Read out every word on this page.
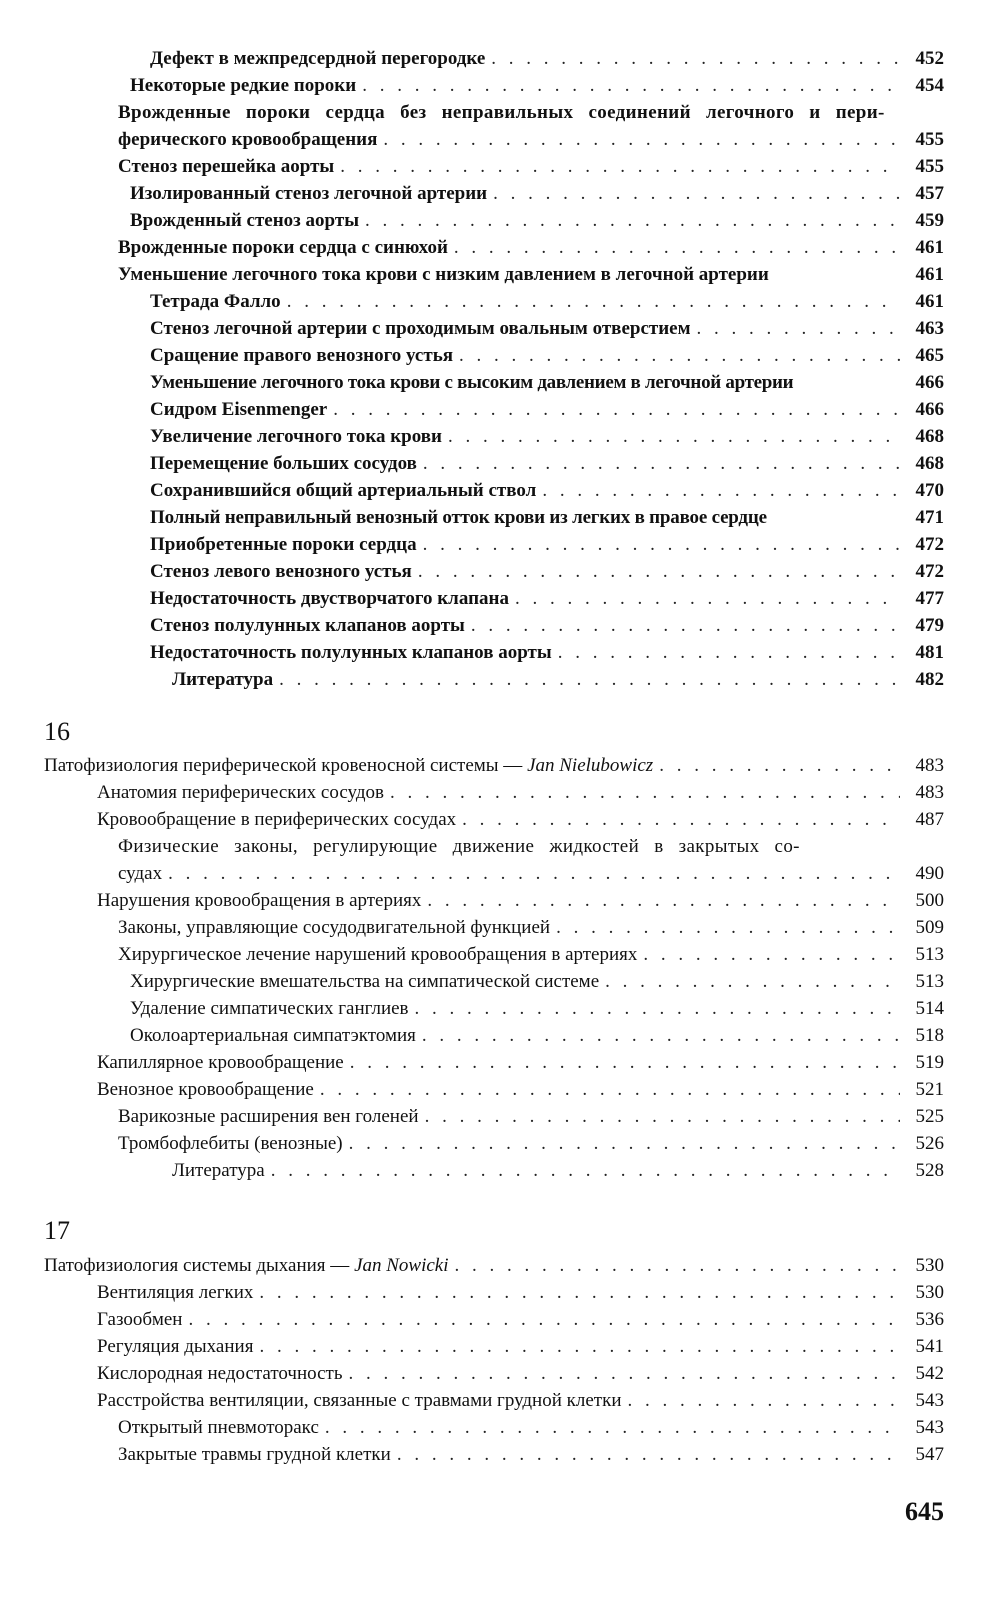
Дефект в межпредсердной перегородке . . .	452
Некоторые редкие пороки . . .	454
Врожденные пороки сердца без неправильных соединений легочного и пери-
ферического кровообращения . . .	455
Стеноз перешейка аорты . . .	455
Изолированный стеноз легочной артерии . . .	457
Врожденный стеноз аорты . . .	459
Врожденные пороки сердца с синюхой . . .	461
Уменьшение легочного тока крови с низким давлением в легочной артерии	461
Тетрада Фалло . . .	461
Стеноз легочной артерии с проходимым овальным отверстием . . .	463
Сращение правого венозного устья . . .	465
Уменьшение легочного тока крови с высоким давлением в легочной артерии	466
Сидром Eisenmenger . . .	466
Увеличение легочного тока крови . . .	468
Перемещение больших сосудов . . .	468
Сохранившийся общий артериальный ствол . . .	470
Полный неправильный венозный отток крови из легких в правое сердце	471
Приобретенные пороки сердца . . .	472
Стеноз левого венозного устья . . .	472
Недостаточность двустворчатого клапана . . .	477
Стеноз полулунных клапанов аорты . . .	479
Недостаточность полулунных клапанов аорты . . .	481
Литература . . .	482
16
Патофизиология периферической кровеносной системы — Jan Nielubowicz . . .	483
Анатомия периферических сосудов . . .	483
Кровообращение в периферических сосудах . . .	487
Физические законы, регулирующие движение жидкостей в закрытых со-
судах . . .	490
Нарушения кровообращения в артериях . . .	500
Законы, управляющие сосудодвигательной функцией . . .	509
Хирургическое лечение нарушений кровообращения в артериях . . .	513
Хирургические вмешательства на симпатической системе . . .	513
Удаление симпатических ганглиев . . .	514
Околоартериальная симпатэктомия . . .	518
Капиллярное кровообращение . . .	519
Венозное кровообращение . . .	521
Варикозные расширения вен голеней . . .	525
Тромбофлебиты (венозные) . . .	526
Литература . . .	528
17
Патофизиология системы дыхания — Jan Nowicki . . .	530
Вентиляция легких . . .	530
Газообмен . . .	536
Регуляция дыхания . . .	541
Кислородная недостаточность . . .	542
Расстройства вентиляции, связанные с травмами грудной клетки . . .	543
Открытый пневмоторакс . . .	543
Закрытые травмы грудной клетки . . .	547
645
